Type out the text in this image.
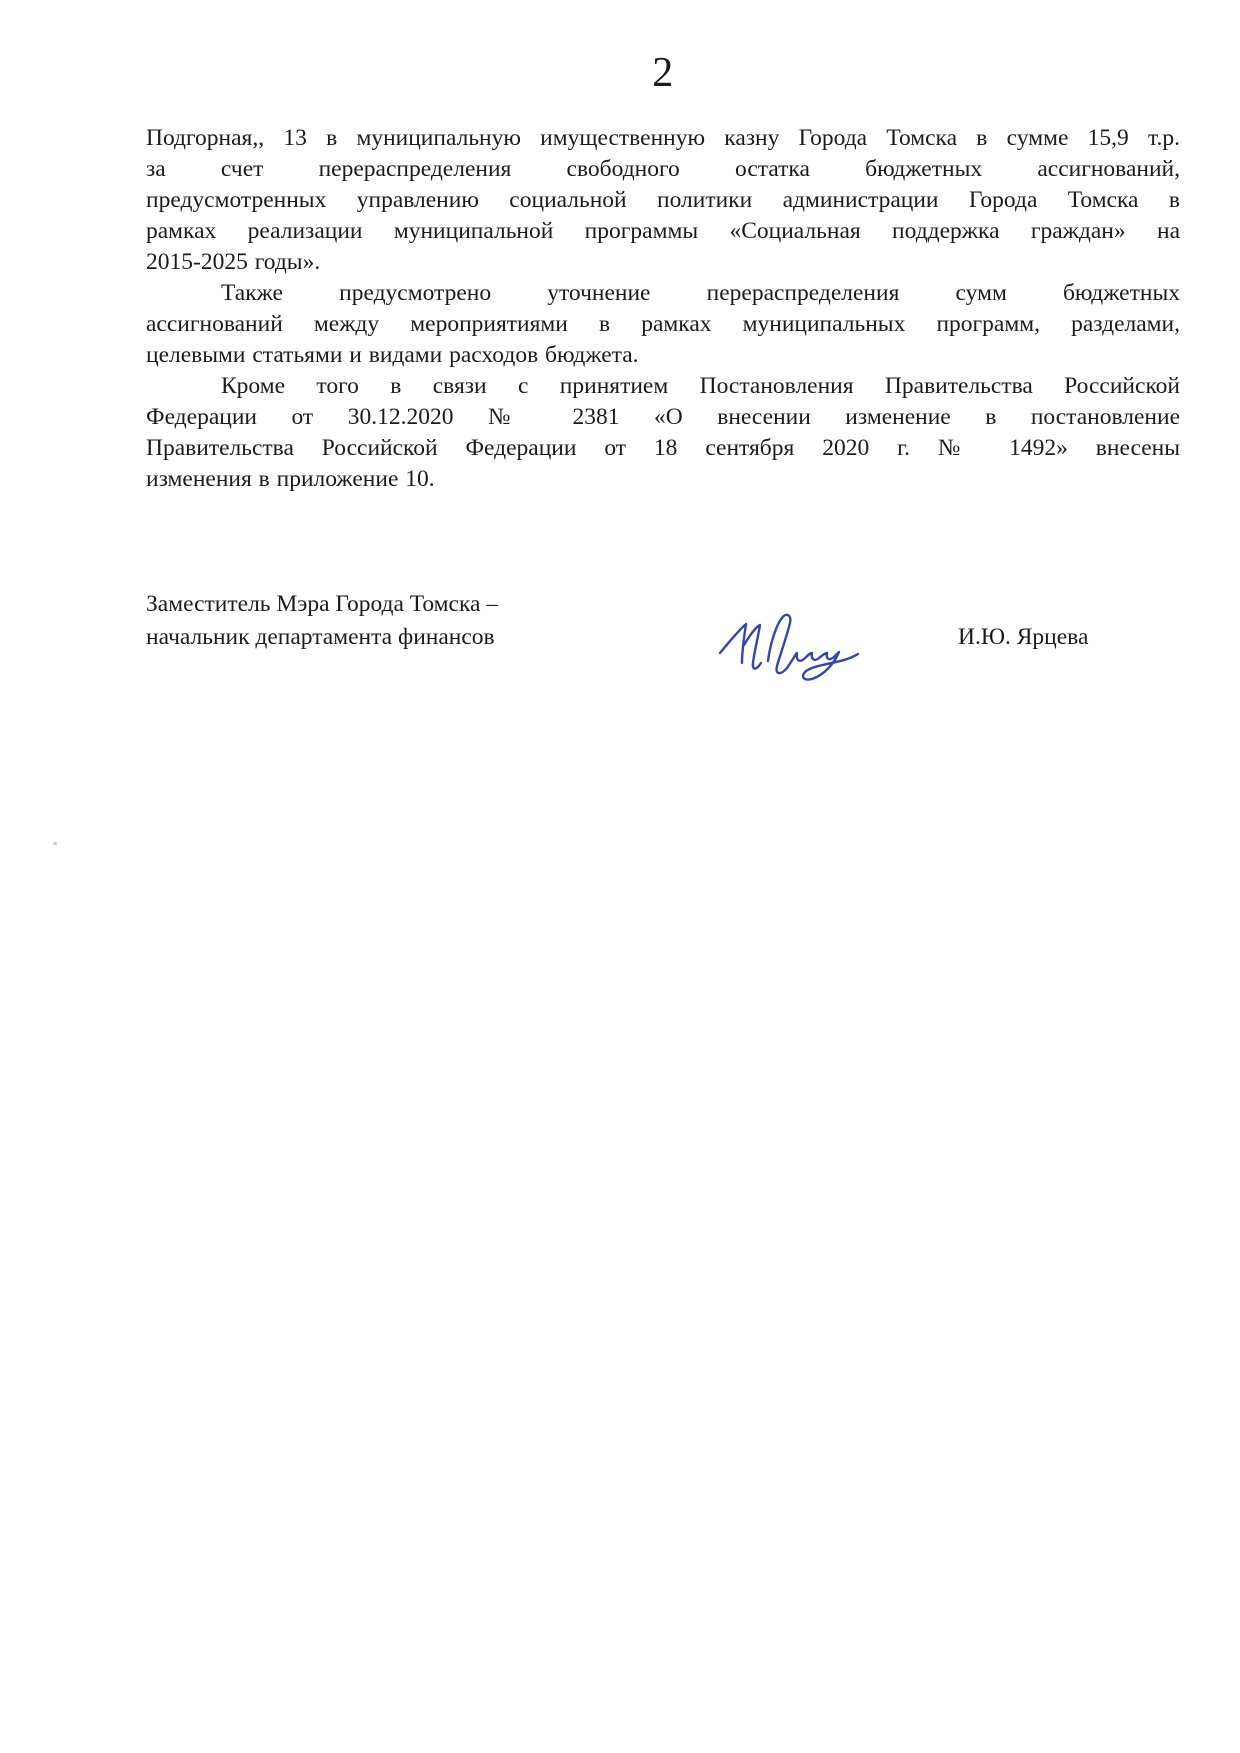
2
Подгорная,, 13 в муниципальную имущественную казну Города Томска в сумме 15,9 т.р.
за счет перераспределения свободного остатка бюджетных ассигнований,
предусмотренных управлению социальной политики администрации Города Томска в
рамках реализации муниципальной программы «Социальная поддержка граждан» на
2015-2025 годы».
Также предусмотрено уточнение перераспределения сумм бюджетных
ассигнований между мероприятиями в рамках муниципальных программ, разделами,
целевыми статьями и видами расходов бюджета.
Кроме того в связи с принятием Постановления Правительства Российской
Федерации от 30.12.2020 № 2381 «О внесении изменение в постановление
Правительства Российской Федерации от 18 сентября 2020 г. № 1492» внесены
изменения в приложение 10.
Заместитель Мэра Города Томска –
начальник департамента финансов	И.Ю. Ярцева
